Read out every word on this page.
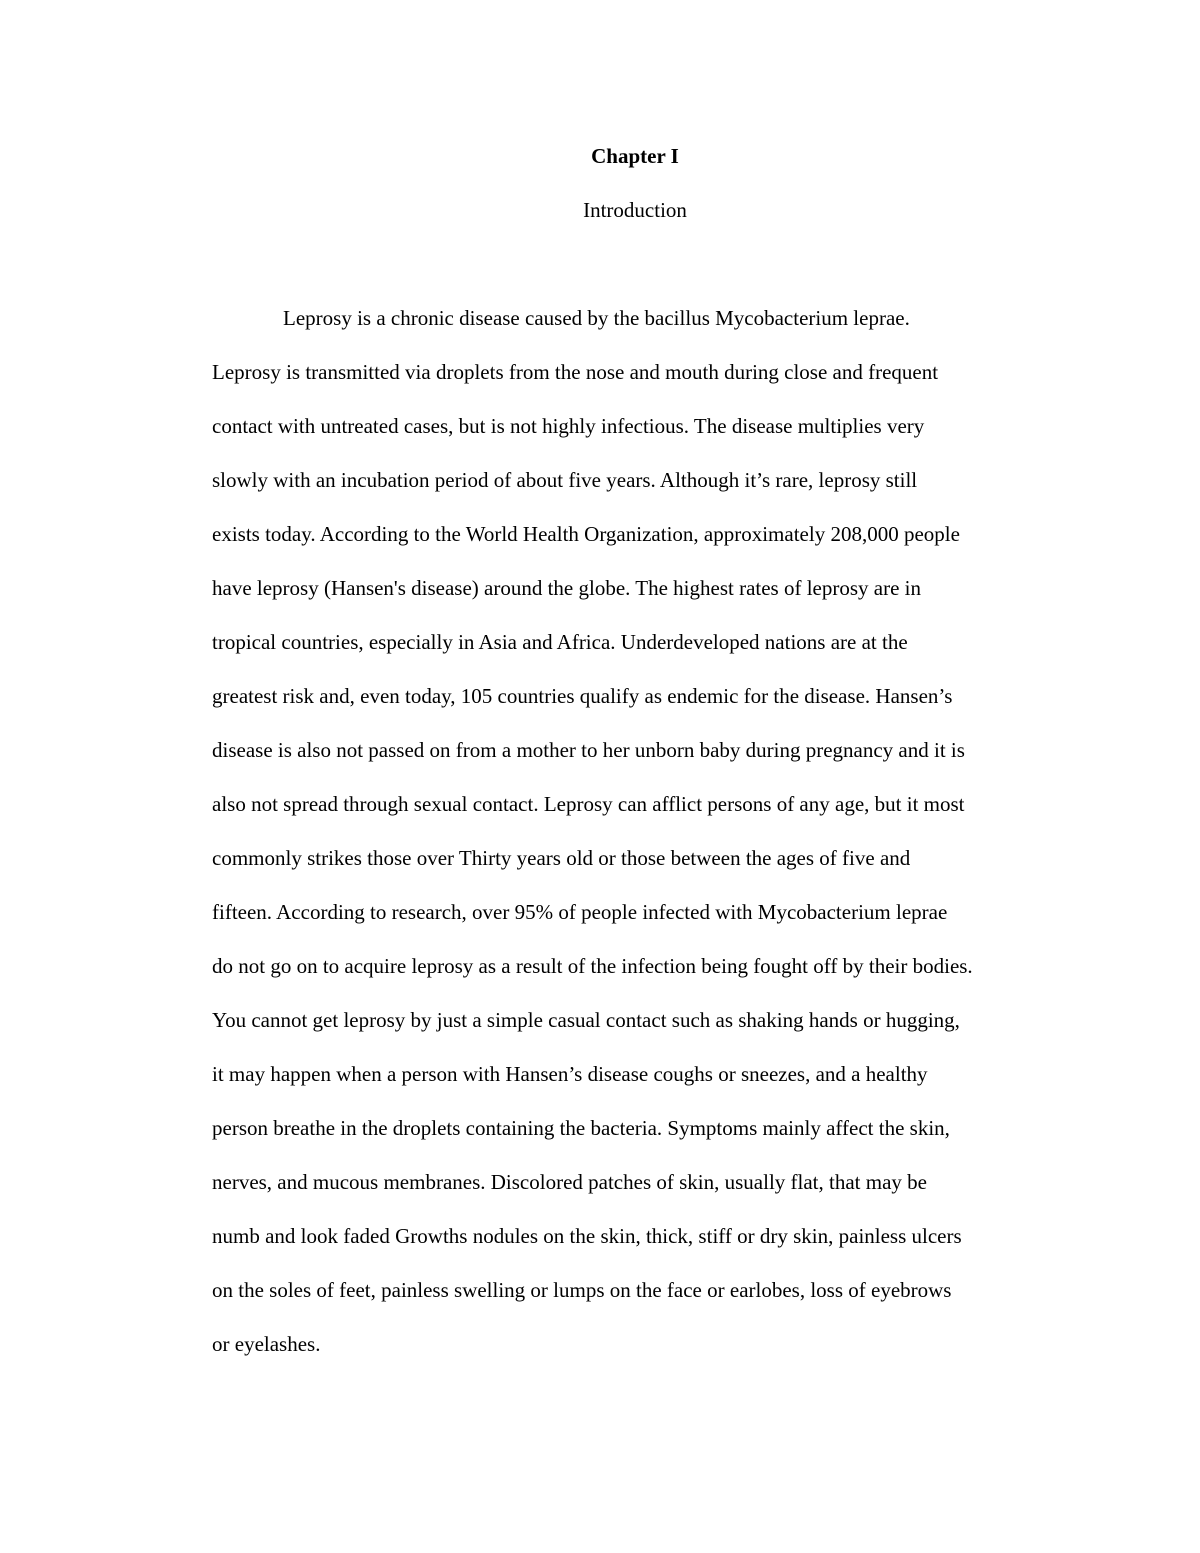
Chapter I
Introduction
Leprosy is a chronic disease caused by the bacillus Mycobacterium leprae.
Leprosy is transmitted via droplets from the nose and mouth during close and frequent
contact with untreated cases, but is not highly infectious. The disease multiplies very
slowly with an incubation period of about five years. Although it’s rare, leprosy still
exists today. According to the World Health Organization, approximately 208,000 people
have leprosy (Hansen's disease) around the globe. The highest rates of leprosy are in
tropical countries, especially in Asia and Africa. Underdeveloped nations are at the
greatest risk and, even today, 105 countries qualify as endemic for the disease. Hansen’s
disease is also not passed on from a mother to her unborn baby during pregnancy and it is
also not spread through sexual contact. Leprosy can afflict persons of any age, but it most
commonly strikes those over Thirty years old or those between the ages of five and
fifteen. According to research, over 95% of people infected with Mycobacterium leprae
do not go on to acquire leprosy as a result of the infection being fought off by their bodies.
You cannot get leprosy by just a simple casual contact such as shaking hands or hugging,
it may happen when a person with Hansen’s disease coughs or sneezes, and a healthy
person breathe in the droplets containing the bacteria. Symptoms mainly affect the skin,
nerves, and mucous membranes. Discolored patches of skin, usually flat, that may be
numb and look faded Growths nodules on the skin, thick, stiff or dry skin, painless ulcers
on the soles of feet, painless swelling or lumps on the face or earlobes, loss of eyebrows
or eyelashes.
